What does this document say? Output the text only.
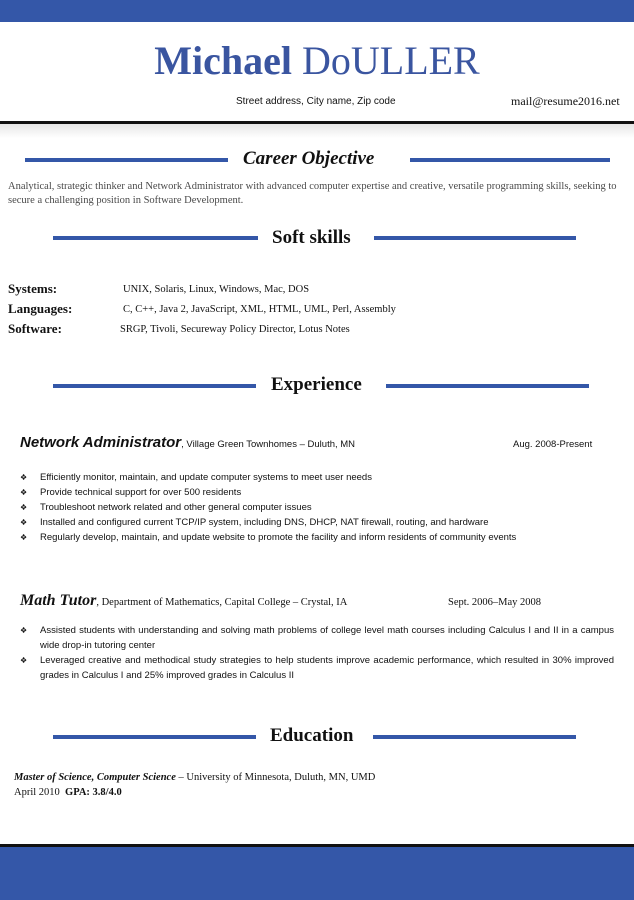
Michael DoULLER
Street address, City name, Zip code	mail@resume2016.net
Career Objective
Analytical, strategic thinker and Network Administrator with advanced computer expertise and creative, versatile programming skills, seeking to secure a challenging position in Software Development.
Soft skills
Systems:	UNIX, Solaris, Linux, Windows, Mac, DOS
Languages:	C, C++, Java 2, JavaScript, XML, HTML, UML, Perl, Assembly
Software:	SRGP, Tivoli, Secureway Policy Director, Lotus Notes
Experience
Network Administrator, Village Green Townhomes – Duluth, MN	Aug. 2008-Present
❖ Efficiently monitor, maintain, and update computer systems to meet user needs
❖ Provide technical support for over 500 residents
❖ Troubleshoot network related and other general computer issues
❖ Installed and configured current TCP/IP system, including DNS, DHCP, NAT firewall, routing, and hardware
❖ Regularly develop, maintain, and update website to promote the facility and inform residents of community events
Math Tutor, Department of Mathematics, Capital College – Crystal, IA	Sept. 2006–May 2008
❖ Assisted students with understanding and solving math problems of college level math courses including Calculus I and II in a campus wide drop-in tutoring center
❖ Leveraged creative and methodical study strategies to help students improve academic performance, which resulted in 30% improved grades in Calculus I and 25% improved grades in Calculus II
Education
Master of Science, Computer Science – University of Minnesota, Duluth, MN, UMD
April 2010 GPA: 3.8/4.0
